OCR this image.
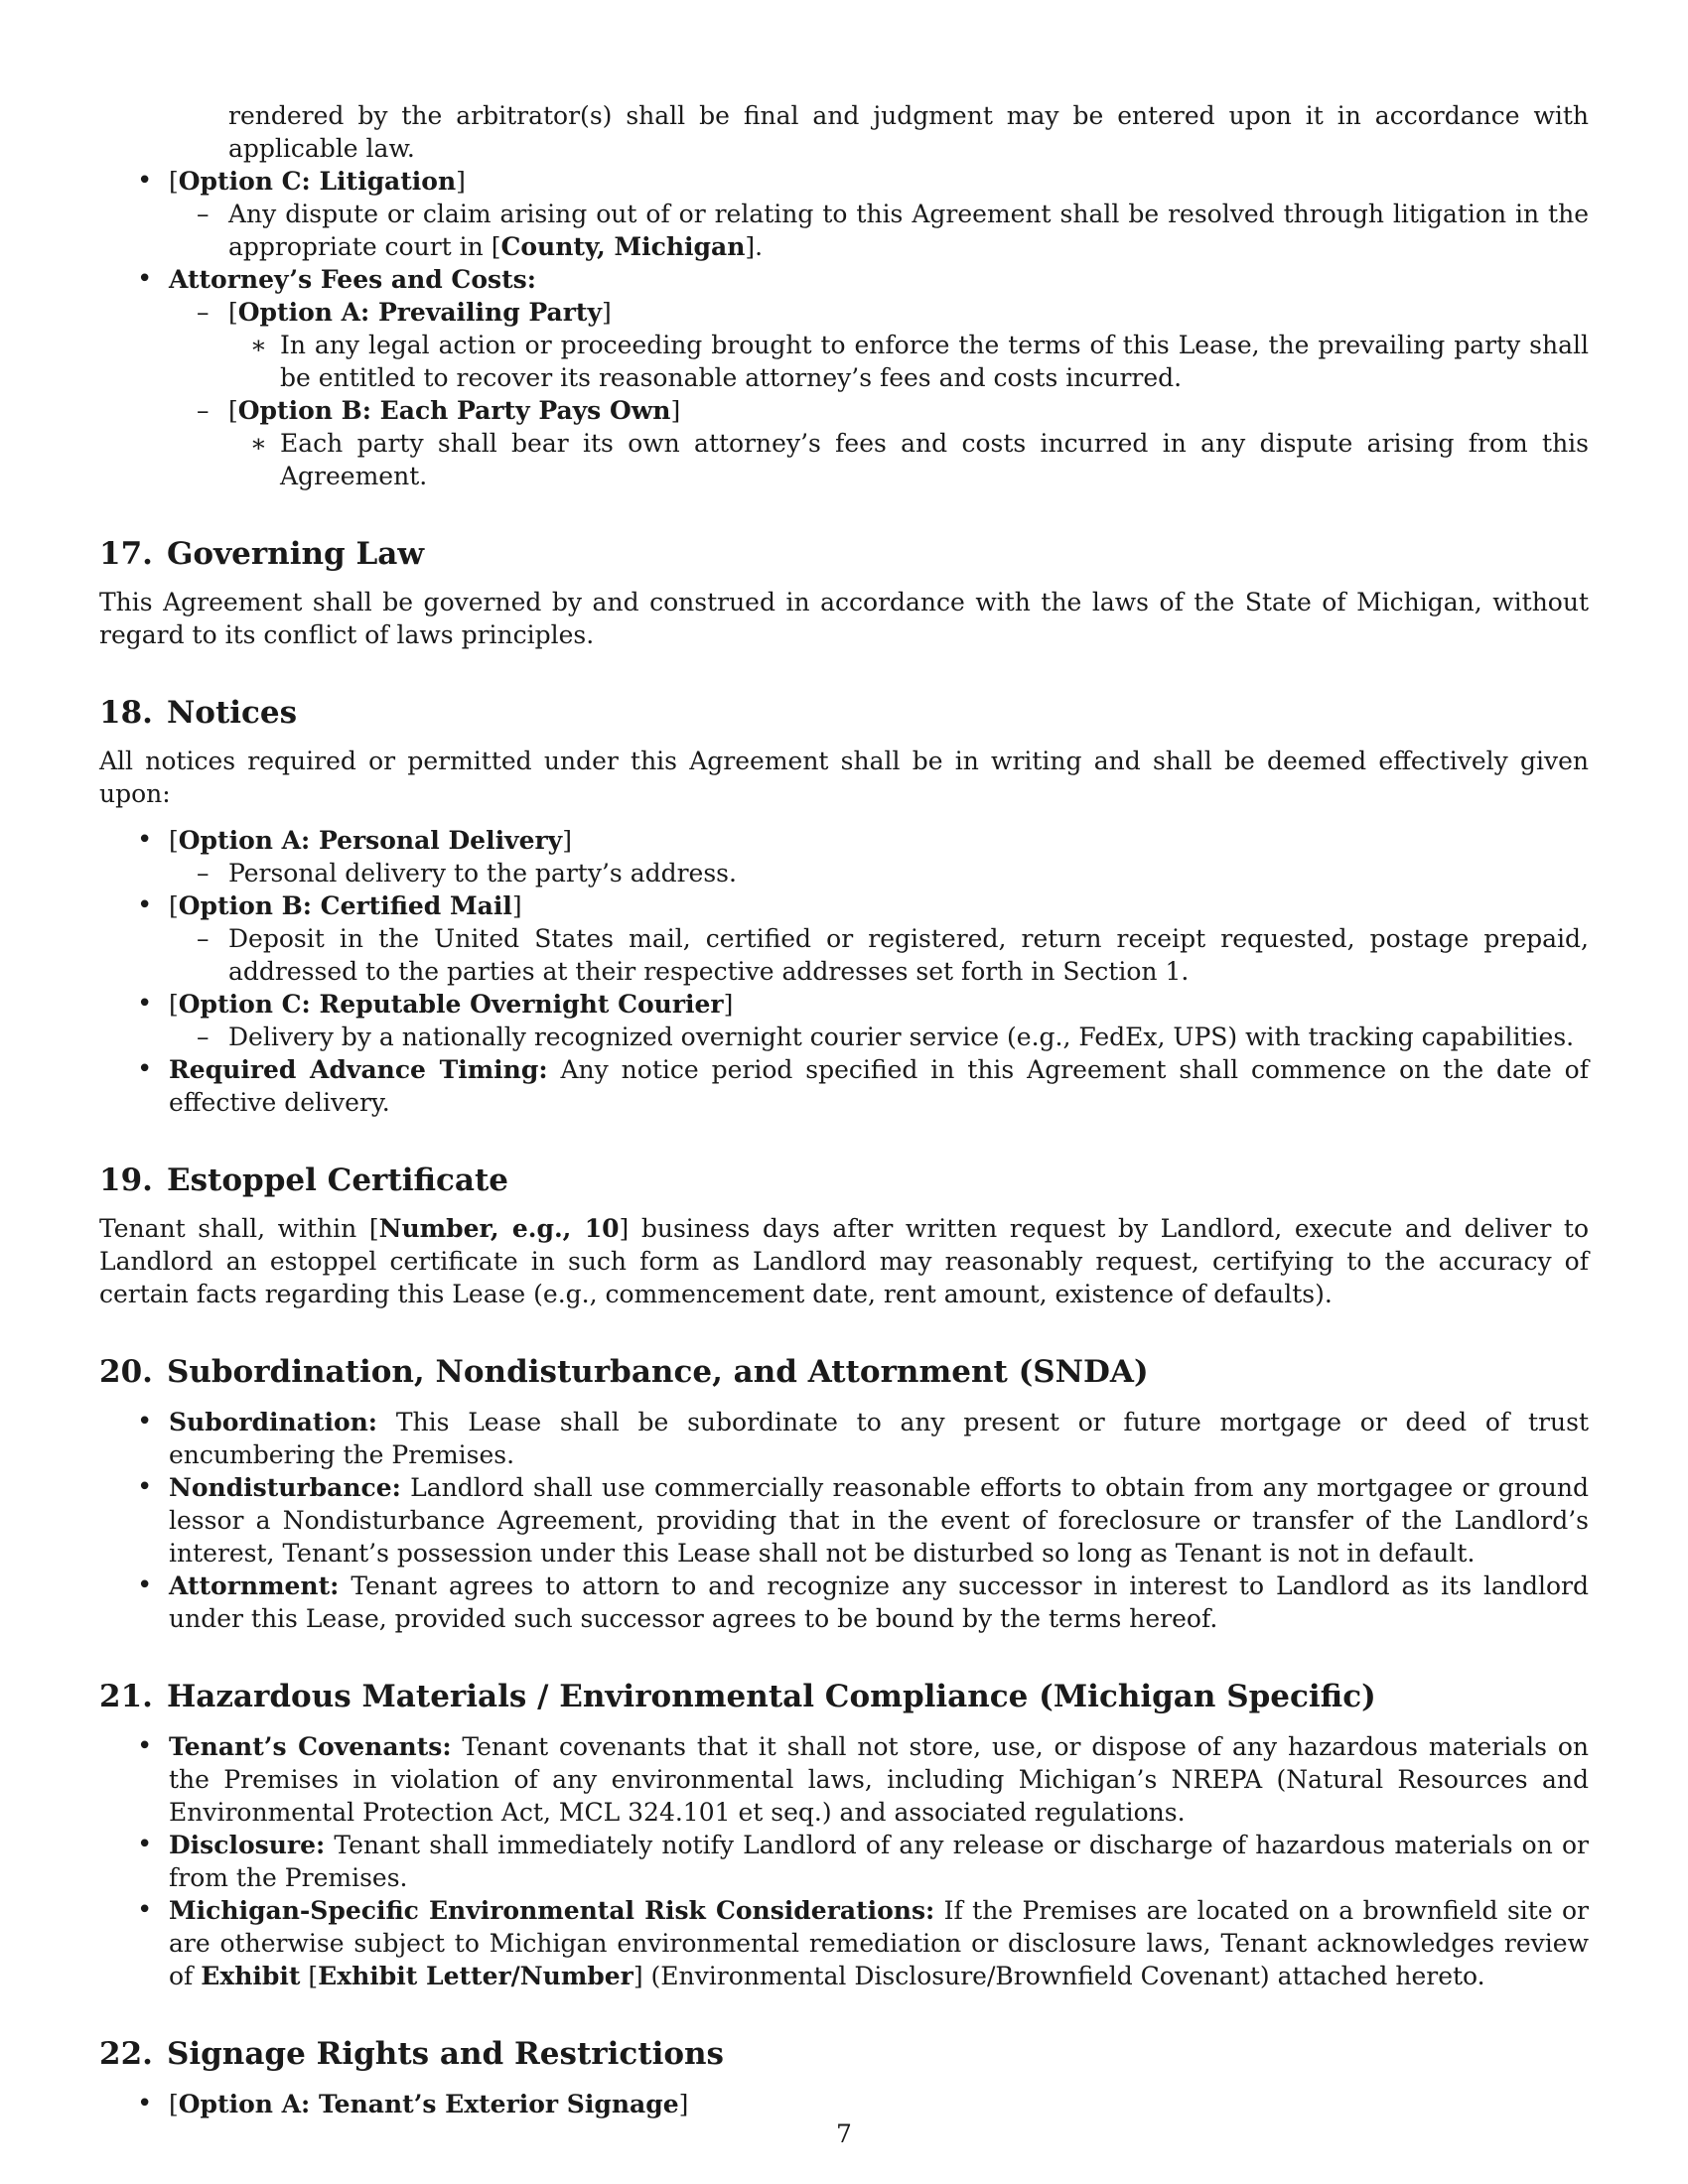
rendered by the arbitrator(s) shall be final and judgment may be entered upon it in accordance with applicable law.

• [Option C: Litigation]
– Any dispute or claim arising out of or relating to this Agreement shall be resolved through litigation in the appropriate court in [County, Michigan].
• Attorney’s Fees and Costs:
– [Option A: Prevailing Party]
∗ In any legal action or proceeding brought to enforce the terms of this Lease, the prevailing party shall be entitled to recover its reasonable attorney’s fees and costs incurred.
– [Option B: Each Party Pays Own]
∗ Each party shall bear its own attorney’s fees and costs incurred in any dispute arising from this Agreement.
17. Governing Law

This Agreement shall be governed by and construed in accordance with the laws of the State of Michigan, without regard to its conflict of laws principles.

18. Notices

All notices required or permitted under this Agreement shall be in writing and shall be deemed effectively given upon:

• [Option A: Personal Delivery]
– Personal delivery to the party’s address.
• [Option B: Certified Mail]
– Deposit in the United States mail, certified or registered, return receipt requested, postage prepaid, addressed to the parties at their respective addresses set forth in Section 1.
• [Option C: Reputable Overnight Courier]
– Delivery by a nationally recognized overnight courier service (e.g., FedEx, UPS) with tracking capabilities.
• Required Advance Timing: Any notice period specified in this Agreement shall commence on the date of effective delivery.
19. Estoppel Certificate

Tenant shall, within [Number, e.g., 10] business days after written request by Landlord, execute and deliver to Landlord an estoppel certificate in such form as Landlord may reasonably request, certifying to the accuracy of certain facts regarding this Lease (e.g., commencement date, rent amount, existence of defaults).

20. Subordination, Nondisturbance, and Attornment (SNDA)
• Subordination: This Lease shall be subordinate to any present or future mortgage or deed of trust encumbering the Premises.
• Nondisturbance: Landlord shall use commercially reasonable efforts to obtain from any mortgagee or ground lessor a Nondisturbance Agreement, providing that in the event of foreclosure or transfer of the Landlord’s interest, Tenant’s possession under this Lease shall not be disturbed so long as Tenant is not in default.
• Attornment: Tenant agrees to attorn to and recognize any successor in interest to Landlord as its landlord under this Lease, provided such successor agrees to be bound by the terms hereof.
21. Hazardous Materials / Environmental Compliance (Michigan Specific)
• Tenant’s Covenants: Tenant covenants that it shall not store, use, or dispose of any hazardous materials on the Premises in violation of any environmental laws, including Michigan’s NREPA (Natural Resources and Environmental Protection Act, MCL 324.101 et seq.) and associated regulations.
• Disclosure: Tenant shall immediately notify Landlord of any release or discharge of hazardous materials on or from the Premises.
• Michigan-Specific Environmental Risk Considerations: If the Premises are located on a brownfield site or are otherwise subject to Michigan environmental remediation or disclosure laws, Tenant acknowledges review of Exhibit [Exhibit Letter/Number] (Environmental Disclosure/Brownfield Covenant) attached hereto.
22. Signage Rights and Restrictions
• [Option A: Tenant’s Exterior Signage]
7
